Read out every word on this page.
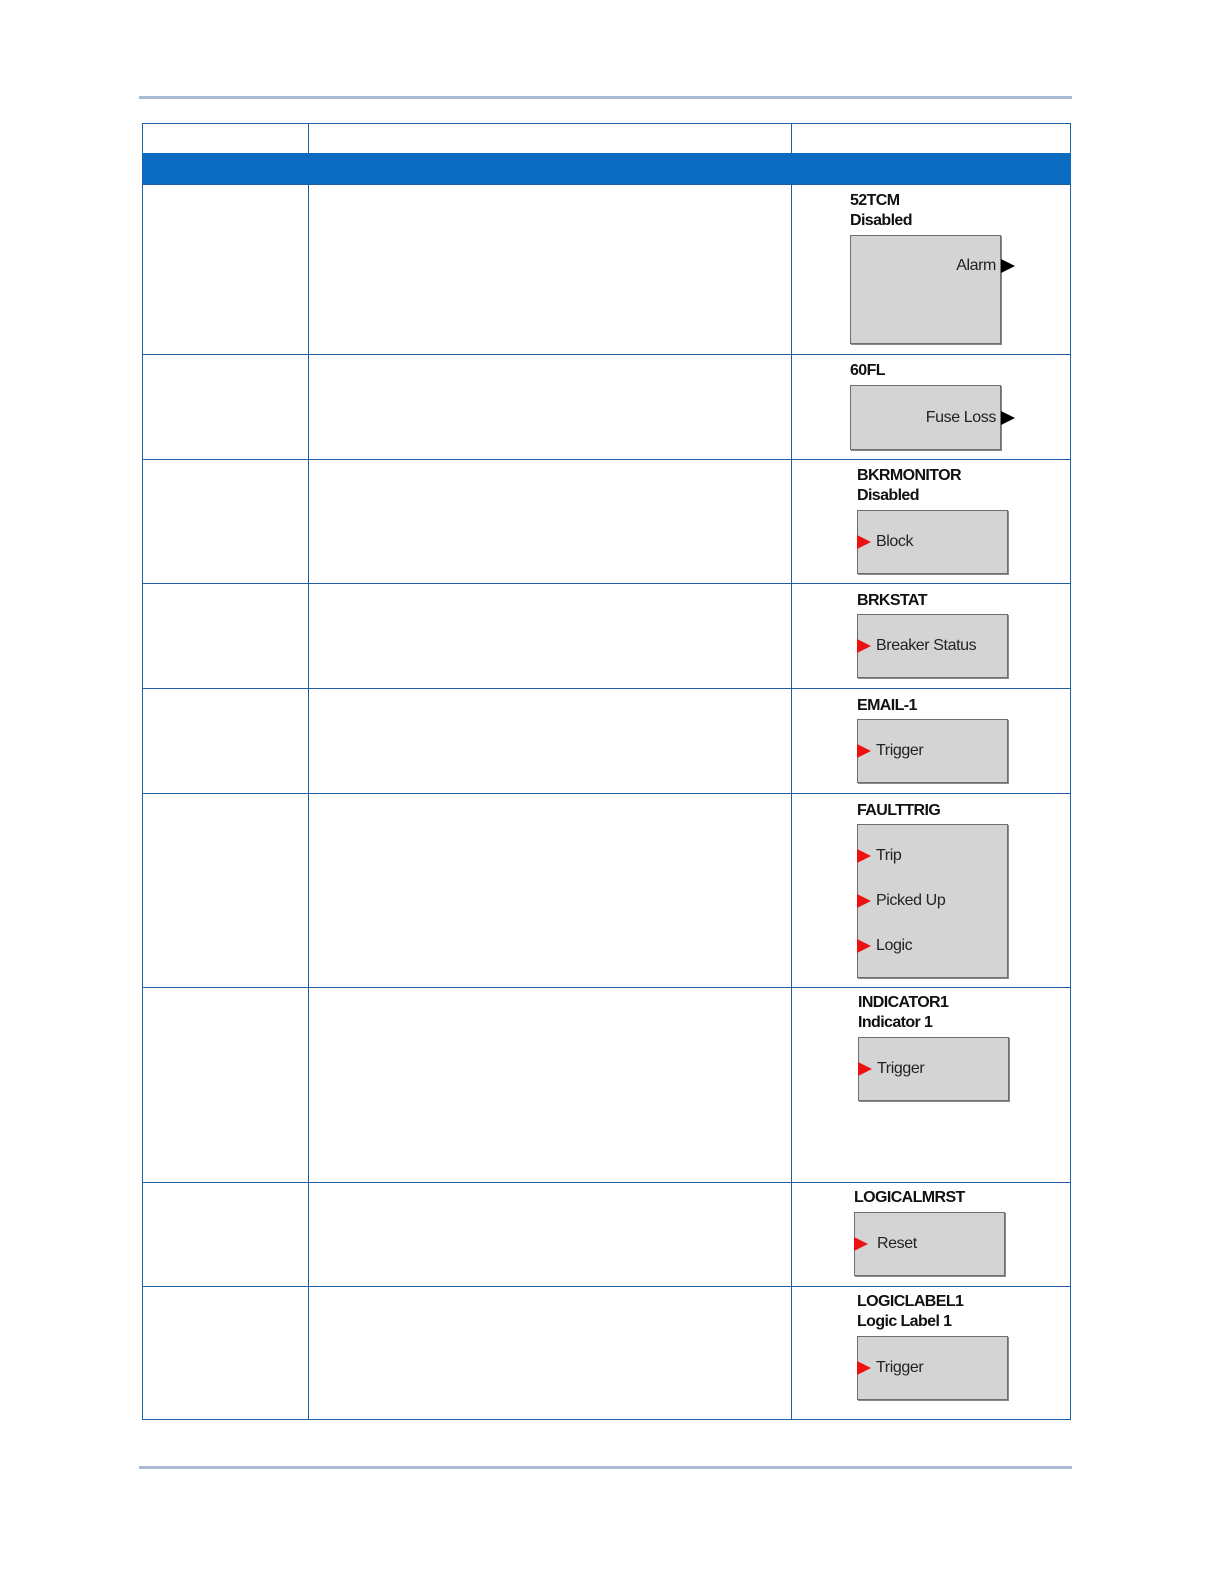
52TCM
Disabled
Alarm
60FL
Fuse Loss
BKRMONITOR
Disabled
Block
BRKSTAT
Breaker Status
EMAIL-1
Trigger
FAULTTRIG
Trip
Picked Up
Logic
INDICATOR1
Indicator 1
Trigger
LOGICALMRST
Reset
LOGICLABEL1
Logic Label 1
Trigger
